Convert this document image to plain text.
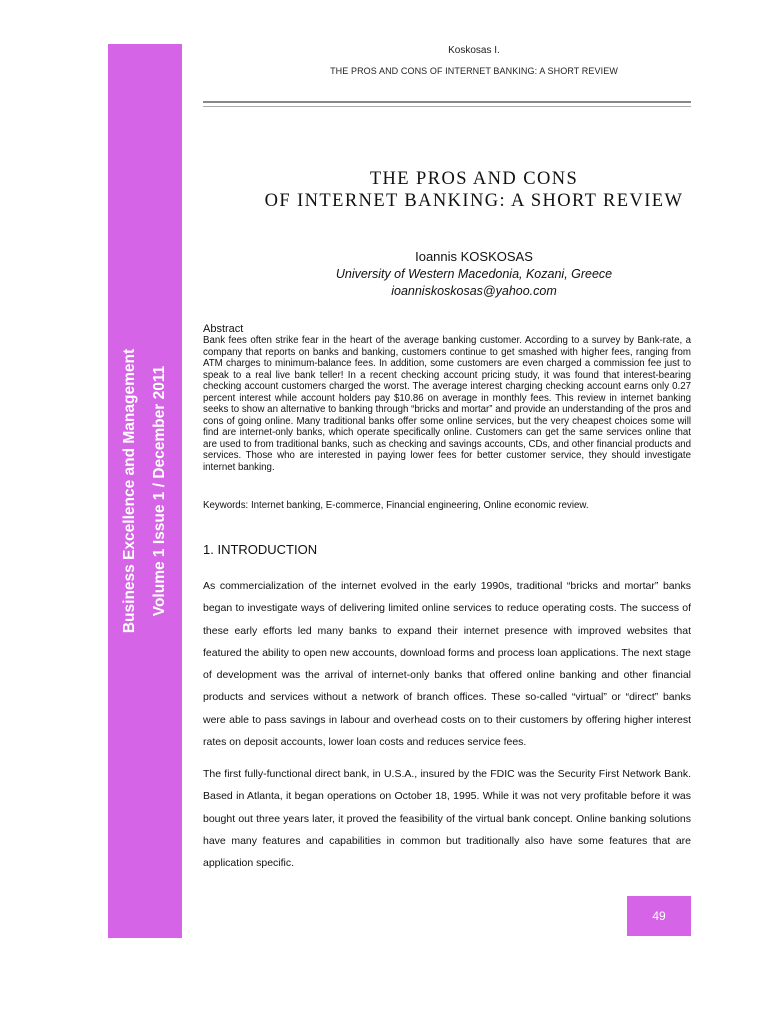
Business Excellence and Management Volume 1 Issue 1 / December 2011
Koskosas I.
THE PROS AND CONS OF INTERNET BANKING: A SHORT REVIEW
THE PROS AND CONS
OF INTERNET BANKING: A SHORT REVIEW
Ioannis KOSKOSAS
University of Western Macedonia, Kozani, Greece
ioanniskoskosas@yahoo.com
Abstract

Bank fees often strike fear in the heart of the average banking customer. According to a survey by Bank-rate, a company that reports on banks and banking, customers continue to get smashed with higher fees, ranging from ATM charges to minimum-balance fees. In addition, some customers are even charged a commission fee just to speak to a real live bank teller! In a recent checking account pricing study, it was found that interest-bearing checking account customers charged the worst. The average interest charging checking account earns only 0.27 percent interest while account holders pay $10.86 on average in monthly fees. This review in internet banking seeks to show an alternative to banking through “bricks and mortar” and provide an understanding of the pros and cons of going online. Many traditional banks offer some online services, but the very cheapest choices some will find are internet-only banks, which operate specifically online. Customers can get the same services online that are used to from traditional banks, such as checking and savings accounts, CDs, and other financial products and services. Those who are interested in paying lower fees for better customer service, they should investigate internet banking.

Keywords: Internet banking, E-commerce, Financial engineering, Online economic review.
1. INTRODUCTION

As commercialization of the internet evolved in the early 1990s, traditional “bricks and mortar” banks began to investigate ways of delivering limited online services to reduce operating costs. The success of these early efforts led many banks to expand their internet presence with improved websites that featured the ability to open new accounts, download forms and process loan applications. The next stage of development was the arrival of internet-only banks that offered online banking and other financial products and services without a network of branch offices. These so-called “virtual” or “direct” banks were able to pass savings in labour and overhead costs on to their customers by offering higher interest rates on deposit accounts, lower loan costs and reduces service fees.

The first fully-functional direct bank, in U.S.A., insured by the FDIC was the Security First Network Bank. Based in Atlanta, it began operations on October 18, 1995. While it was not very profitable before it was bought out three years later, it proved the feasibility of the virtual bank concept. Online banking solutions have many features and capabilities in common but traditionally also have some features that are application specific.

49
